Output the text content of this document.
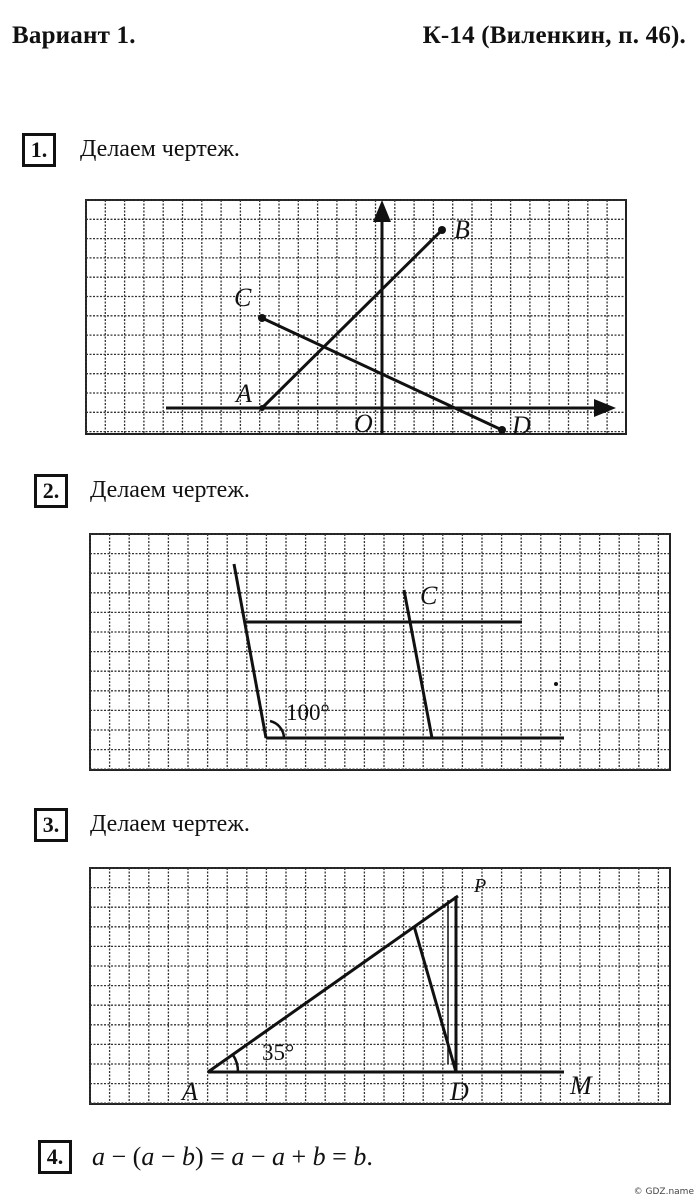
Вариант 1.	К-14 (Виленкин, п. 46).
1.	Делаем чертеж.
B
C
A
O	D
2.	Делаем чертеж.
C
100°
3.	Делаем чертеж.
P
A	D	M
35°
4.	a − (a − b) = a − a + b = b.
© GDZ.name
